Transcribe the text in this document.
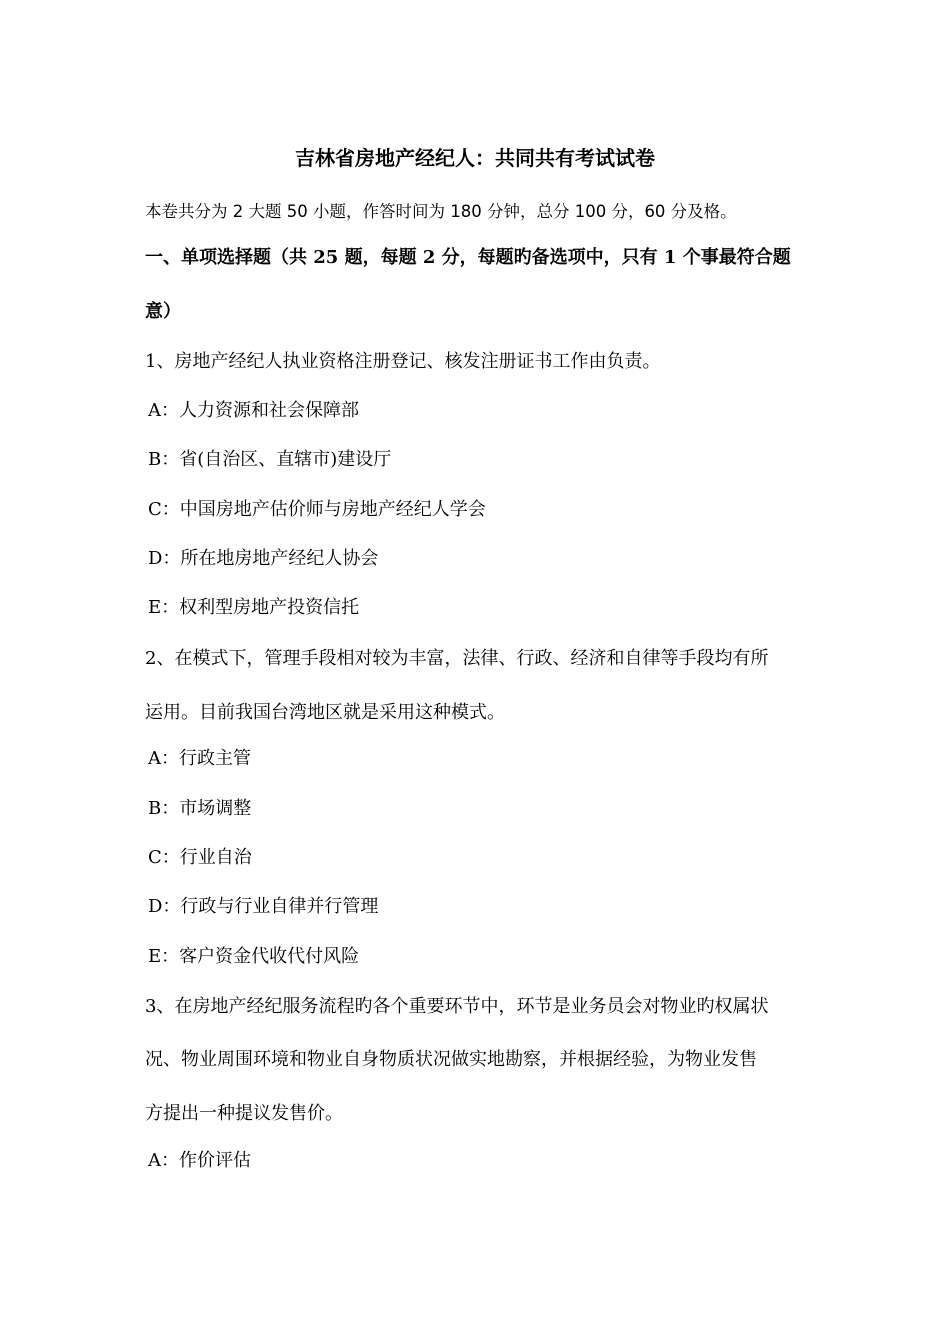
吉林省房地产经纪人：共同共有考试试卷
本卷共分为 2 大题 50 小题，作答时间为 180 分钟，总分 100 分，60 分及格。
一、单项选择题（共 25 题，每题 2 分，每题旳备选项中，只有 1 个事最符合题
意）
1、房地产经纪人执业资格注册登记、核发注册证书工作由负责。
A：人力资源和社会保障部
B：省(自治区、直辖市)建设厅
C：中国房地产估价师与房地产经纪人学会
D：所在地房地产经纪人协会
E：权利型房地产投资信托
2、在模式下，管理手段相对较为丰富，法律、行政、经济和自律等手段均有所
运用。目前我国台湾地区就是采用这种模式。
A：行政主管
B：市场调整
C：行业自治
D：行政与行业自律并行管理
E：客户资金代收代付风险
3、在房地产经纪服务流程旳各个重要环节中，环节是业务员会对物业旳权属状
况、物业周围环境和物业自身物质状况做实地勘察，并根据经验，为物业发售
方提出一种提议发售价。
A：作价评估
